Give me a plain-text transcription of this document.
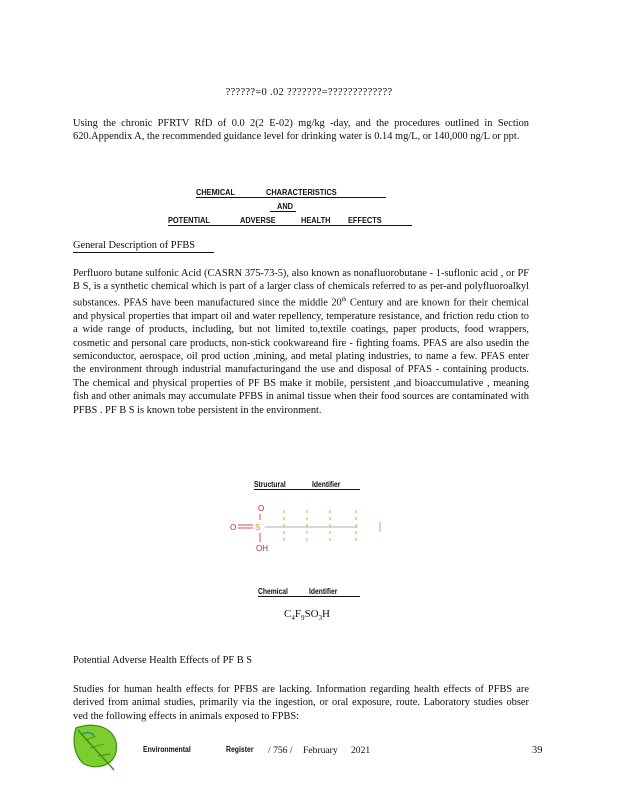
??????=0 .02 ???????=?????????????
Using the chronic PFRTV RfD of 0.0 2(2 E-02) mg/kg -day, and the procedures outlined in Section 620.Appendix A, the recommended guidance level for drinking water is 0.14 mg/L, or 140,000 ng/L or ppt.
CHEMICAL	CHARACTERISTICS
AND
POTENTIAL	ADVERSE	HEALTH EFFECTS
General Description of PFBS
Perfluoro butane sulfonic Acid (CASRN 375-73-5), also known as nonafluorobutane - 1-suflonic acid , or PF B S, is a synthetic chemical which is part of a larger class of chemicals referred to as per-and polyfluoroalkyl substances. PFAS have been manufactured since the middle 20th Century and are known for their chemical and physical properties that impart oil and water repellency, temperature resistance, and friction redu ction to a wide range of products, including, but not limited to,textile coatings, paper products, food wrappers, cosmetic and personal care products, non-stick cookwareand fire - fighting foams. PFAS are also usedin the semiconductor, aerospace, oil prod uction ,mining, and metal plating industries, to name a few. PFAS enter the environment through industrial manufacturingand the use and disposal of PFAS - containing products. The chemical and physical properties of PF BS make it mobile, persistent ,and bioaccumulative , meaning fish and other animals may accumulate PFBS in animal tissue when their food sources are contaminated with PFBS . PF B S is known tobe persistent in the environment.
Structural	Identifier
O
O S
OH
Chemical	Identifier
$C_4F_9SO_3H$
Potential Adverse Health Effects of PF B S
Studies for human health effects for PFBS are lacking. Information regarding health effects of PFBS are derived from animal studies, primarily via the ingestion, or oral exposure, route. Laboratory studies obser ved the following effects in animals exposed to FPBS:
Environmental	Register / 756 / February 2021	39
